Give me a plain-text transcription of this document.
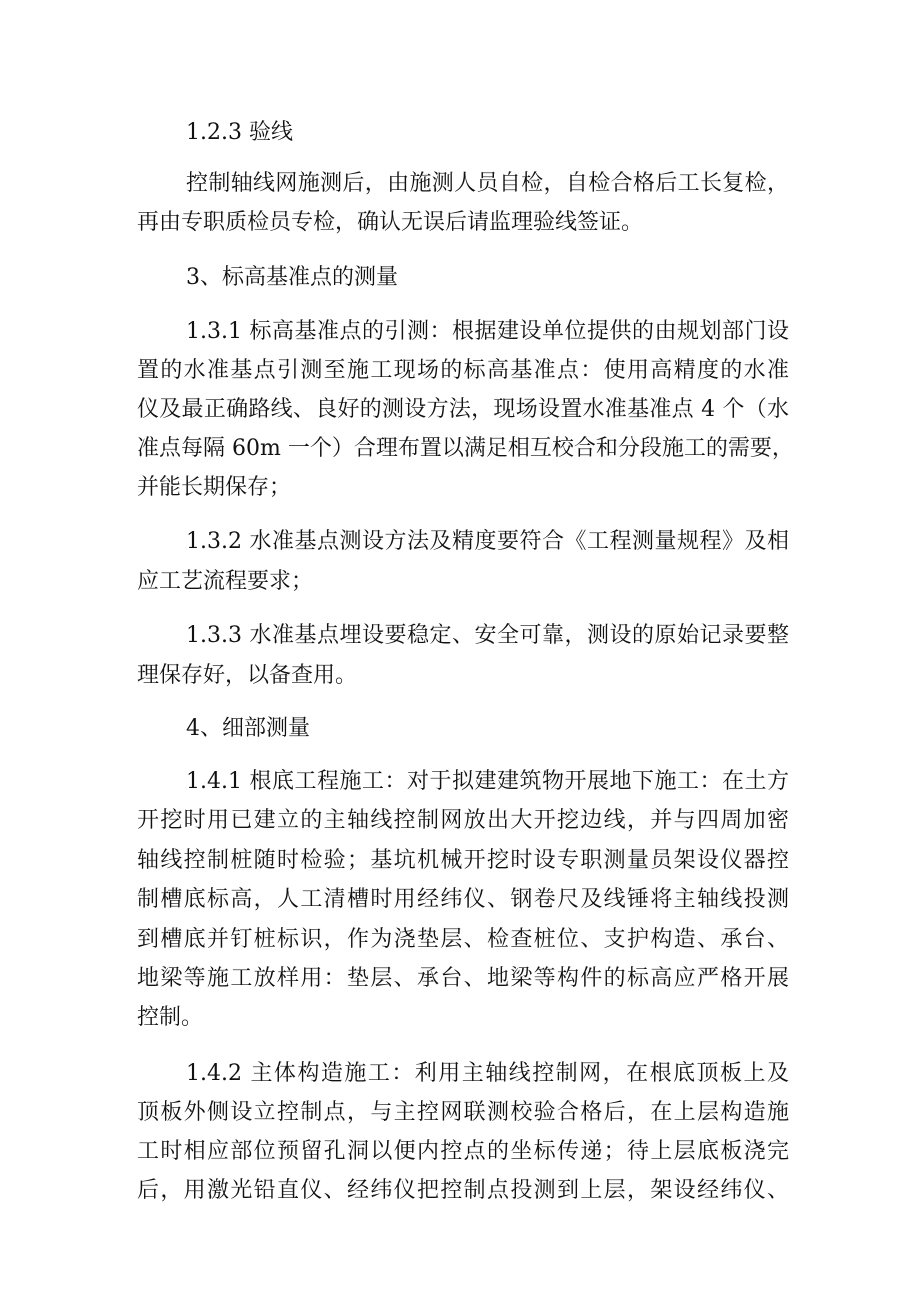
1.2.3 验线
控制轴线网施测后，由施测人员自检，自检合格后工长复检，
再由专职质检员专检，确认无误后请监理验线签证。
3、标高基准点的测量
1.3.1 标高基准点的引测：根据建设单位提供的由规划部门设
置的水准基点引测至施工现场的标高基准点：使用高精度的水准
仪及最正确路线、良好的测设方法，现场设置水准基准点 4 个（水
准点每隔 60m 一个）合理布置以满足相互校合和分段施工的需要，
并能长期保存；
1.3.2 水准基点测设方法及精度要符合《工程测量规程》及相
应工艺流程要求；
1.3.3 水准基点埋设要稳定、安全可靠，测设的原始记录要整
理保存好，以备查用。
4、细部测量
1.4.1 根底工程施工：对于拟建建筑物开展地下施工：在土方
开挖时用已建立的主轴线控制网放出大开挖边线，并与四周加密
轴线控制桩随时检验；基坑机械开挖时设专职测量员架设仪器控
制槽底标高，人工清槽时用经纬仪、钢卷尺及线锤将主轴线投测
到槽底并钉桩标识，作为浇垫层、检查桩位、支护构造、承台、
地梁等施工放样用：垫层、承台、地梁等构件的标高应严格开展
控制。
1.4.2 主体构造施工：利用主轴线控制网，在根底顶板上及
顶板外侧设立控制点，与主控网联测校验合格后，在上层构造施
工时相应部位预留孔洞以便内控点的坐标传递；待上层底板浇完
后，用激光铅直仪、经纬仪把控制点投测到上层，架设经纬仪、
